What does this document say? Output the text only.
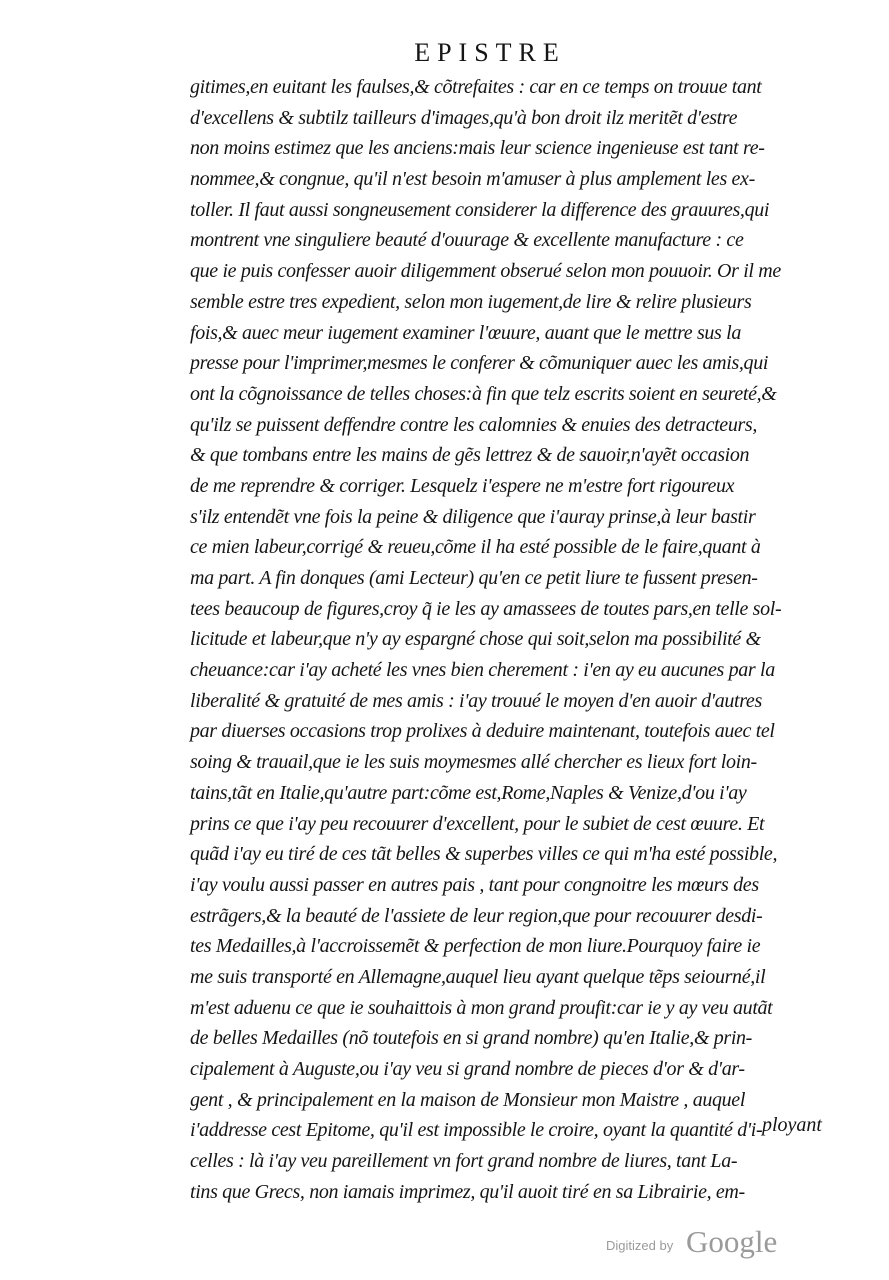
EPISTRE
gitimes,en euitant les faulses,& cõtrefaites : car en ce temps on trouue tant
d'excellens & subtilz tailleurs d'images,qu'à bon droit ilz meritẽt d'estre
non moins estimez que les anciens:mais leur science ingenieuse est tant re-
nommee,& congnue, qu'il n'est besoin m'amuser à plus amplement les ex-
toller. Il faut aussi songneusement considerer la difference des grauures,qui
montrent vne singuliere beauté d'ouurage & excellente manufacture : ce
que ie puis confesser auoir diligemment obserué selon mon pouuoir. Or il me
semble estre tres expedient, selon mon iugement,de lire & relire plusieurs
fois,& auec meur iugement examiner l'œuure, auant que le mettre sus la
presse pour l'imprimer,mesmes le conferer & cõmuniquer auec les amis,qui
ont la cõgnoissance de telles choses:à fin que telz escrits soient en seureté,&
qu'ilz se puissent deffendre contre les calomnies & enuies des detracteurs,
& que tombans entre les mains de gẽs lettrez & de sauoir,n'ayẽt occasion
de me reprendre & corriger. Lesquelz i'espere ne m'estre fort rigoureux
s'ilz entendẽt vne fois la peine & diligence que i'auray prinse,à leur bastir
ce mien labeur,corrigé & reueu,cõme il ha esté possible de le faire,quant à
ma part. A fin donques (ami Lecteur) qu'en ce petit liure te fussent presen-
tees beaucoup de figures,croy q̃ ie les ay amassees de toutes pars,en telle sol-
licitude et labeur,que n'y ay espargné chose qui soit,selon ma possibilité &
cheuance:car i'ay acheté les vnes bien cherement : i'en ay eu aucunes par la
liberalité & gratuité de mes amis : i'ay trouué le moyen d'en auoir d'autres
par diuerses occasions trop prolixes à deduire maintenant, toutefois auec tel
soing & trauail,que ie les suis moymesmes allé chercher es lieux fort loin-
tains,tãt en Italie,qu'autre part:cõme est,Rome,Naples & Venize,d'ou i'ay
prins ce que i'ay peu recouurer d'excellent, pour le subiet de cest œuure. Et
quãd i'ay eu tiré de ces tãt belles & superbes villes ce qui m'ha esté possible,
i'ay voulu aussi passer en autres pais , tant pour congnoitre les mœurs des
estrãgers,& la beauté de l'assiete de leur region,que pour recouurer desdi-
tes Medailles,à l'accroissemẽt & perfection de mon liure.Pourquoy faire ie
me suis transporté en Allemagne,auquel lieu ayant quelque tẽps seiourné,il
m'est aduenu ce que ie souhaittois à mon grand proufit:car ie y ay veu autãt
de belles Medailles (nõ toutefois en si grand nombre) qu'en Italie,& prin-
cipalement à Auguste,ou i'ay veu si grand nombre de pieces d'or & d'ar-
gent , & principalement en la maison de Monsieur mon Maistre , auquel
i'addresse cest Epitome, qu'il est impossible le croire, oyant la quantité d'i-
celles : là i'ay veu pareillement vn fort grand nombre de liures, tant La-
tins que Grecs, non iamais imprimez, qu'il auoit tiré en sa Librairie, em-
ployant
Digitized by Google
